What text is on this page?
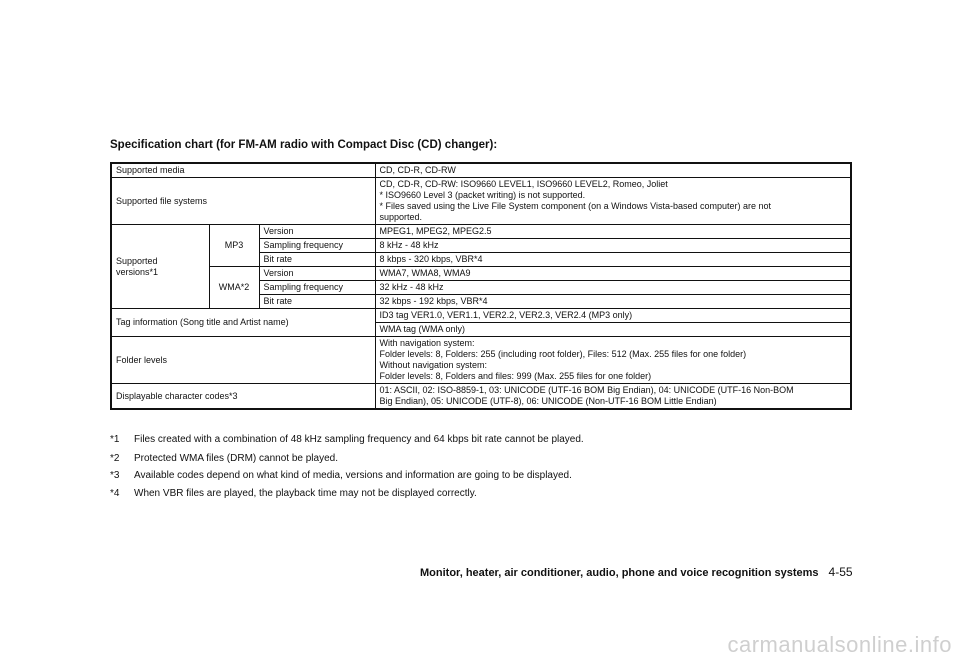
Specification chart (for FM-AM radio with Compact Disc (CD) changer):
Supported media			CD, CD-R, CD-RW
Supported file systems			CD, CD-R, CD-RW: ISO9660 LEVEL1, ISO9660 LEVEL2, Romeo, Joliet
* ISO9660 Level 3 (packet writing) is not supported.
* Files saved using the Live File System component (on a Windows Vista-based computer) are not
supported.

Supported
versions*1	MP3	Version	MPEG1, MPEG2, MPEG2.5
		Sampling frequency	8 kHz - 48 kHz
		Bit rate	8 kbps - 320 kbps, VBR*4
	WMA*2	Version	WMA7, WMA8, WMA9
		Sampling frequency	32 kHz - 48 kHz
		Bit rate	32 kbps - 192 kbps, VBR*4
Tag information (Song title and Artist name)			ID3 tag VER1.0, VER1.1, VER2.2, VER2.3, VER2.4 (MP3 only)
			WMA tag (WMA only)
Folder levels			With navigation system:
Folder levels: 8, Folders: 255 (including root folder), Files: 512 (Max. 255 files for one folder)
Without navigation system:
Folder levels: 8, Folders and files: 999 (Max. 255 files for one folder)

Displayable character codes*3			01: ASCII, 02: ISO-8859-1, 03: UNICODE (UTF-16 BOM Big Endian), 04: UNICODE (UTF-16 Non-BOM
Big Endian), 05: UNICODE (UTF-8), 06: UNICODE (Non-UTF-16 BOM Little Endian)
*1 Files created with a combination of 48 kHz sampling frequency and 64 kbps bit rate cannot be played.
*2 Protected WMA files (DRM) cannot be played.
*3 Available codes depend on what kind of media, versions and information are going to be displayed.
*4 When VBR files are played, the playback time may not be displayed correctly.
Monitor, heater, air conditioner, audio, phone and voice recognition systems 4-55
carmanualsonline.info
